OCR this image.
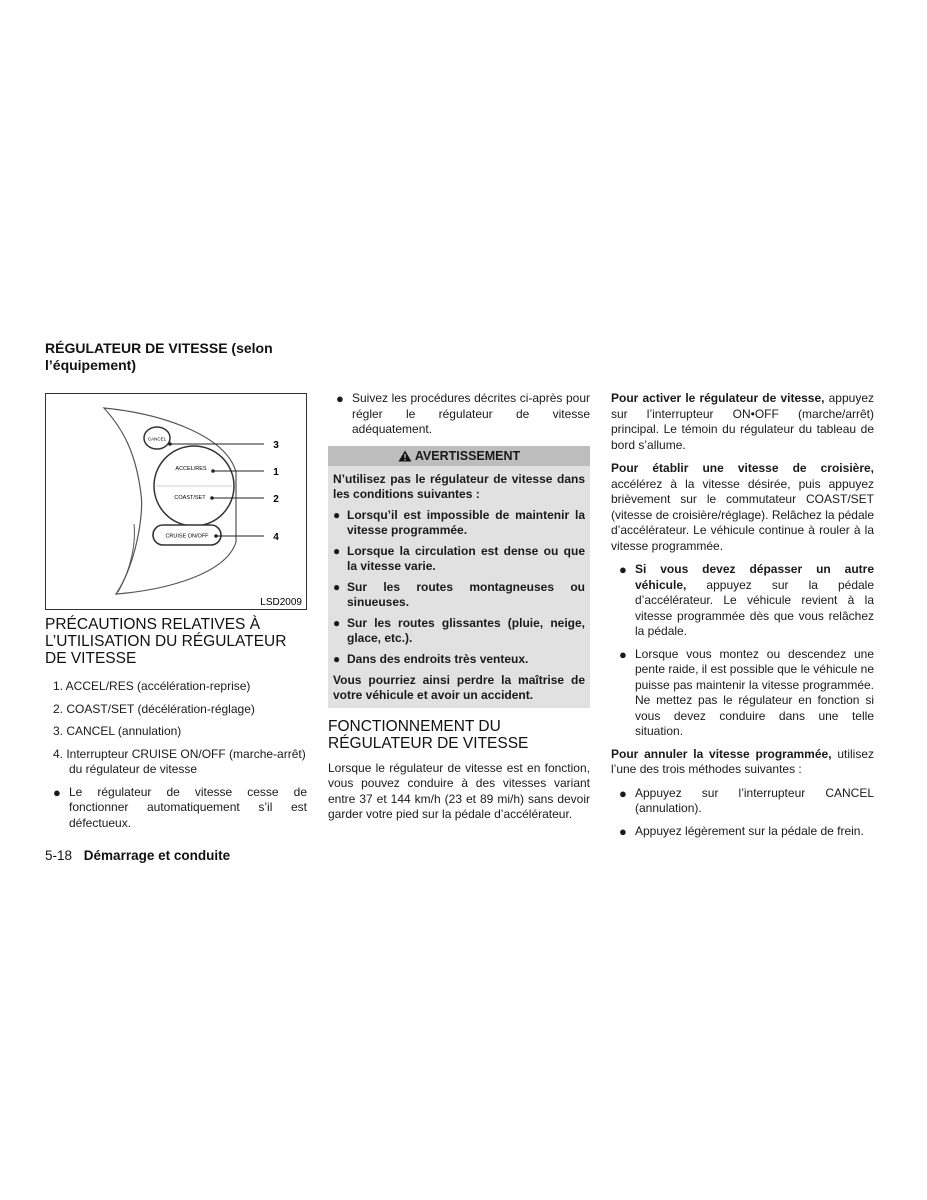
RÉGULATEUR DE VITESSE (selon l’équipement)
CANCEL
ACCEL/RES
COAST/SET
CRUISE ON/OFF
3
1
2
4
LSD2009
PRÉCAUTIONS RELATIVES À L’UTILISATION DU RÉGULATEUR DE VITESSE
1. ACCEL/RES (accélération-reprise)
2. COAST/SET (décélération-réglage)
3. CANCEL (annulation)
4. Interrupteur CRUISE ON/OFF (marche-arrêt) du régulateur de vitesse
● Le régulateur de vitesse cesse de fonctionner automatiquement s’il est défectueux.
● Suivez les procédures décrites ci-après pour régler le régulateur de vitesse adéquatement.
AVERTISSEMENT
N’utilisez pas le régulateur de vitesse dans les conditions suivantes :
● Lorsqu’il est impossible de maintenir la vitesse programmée.
● Lorsque la circulation est dense ou que la vitesse varie.
● Sur les routes montagneuses ou sinueuses.
● Sur les routes glissantes (pluie, neige, glace, etc.).
● Dans des endroits très venteux.
Vous pourriez ainsi perdre la maîtrise de votre véhicule et avoir un accident.
FONCTIONNEMENT DU RÉGULATEUR DE VITESSE

Lorsque le régulateur de vitesse est en fonction, vous pouvez conduire à des vitesses variant entre 37 et 144 km/h (23 et 89 mi/h) sans devoir garder votre pied sur la pédale d’accélérateur.

Pour activer le régulateur de vitesse, appuyez sur l’interrupteur ON•OFF (marche/arrêt) principal. Le témoin du régulateur du tableau de bord s’allume.

Pour établir une vitesse de croisière, accélérez à la vitesse désirée, puis appuyez brièvement sur le commutateur COAST/SET (vitesse de croisière/réglage). Relâchez la pédale d’accélérateur. Le véhicule continue à rouler à la vitesse programmée.

● Si vous devez dépasser un autre véhicule, appuyez sur la pédale d’accélérateur. Le véhicule revient à la vitesse programmée dès que vous relâchez la pédale.
● Lorsque vous montez ou descendez une pente raide, il est possible que le véhicule ne puisse pas maintenir la vitesse programmée. Ne mettez pas le régulateur en fonction si vous devez conduire dans une telle situation.

Pour annuler la vitesse programmée, utilisez l’une des trois méthodes suivantes :

● Appuyez sur l’interrupteur CANCEL (annulation).
● Appuyez légèrement sur la pédale de frein.
5-18 Démarrage et conduite
